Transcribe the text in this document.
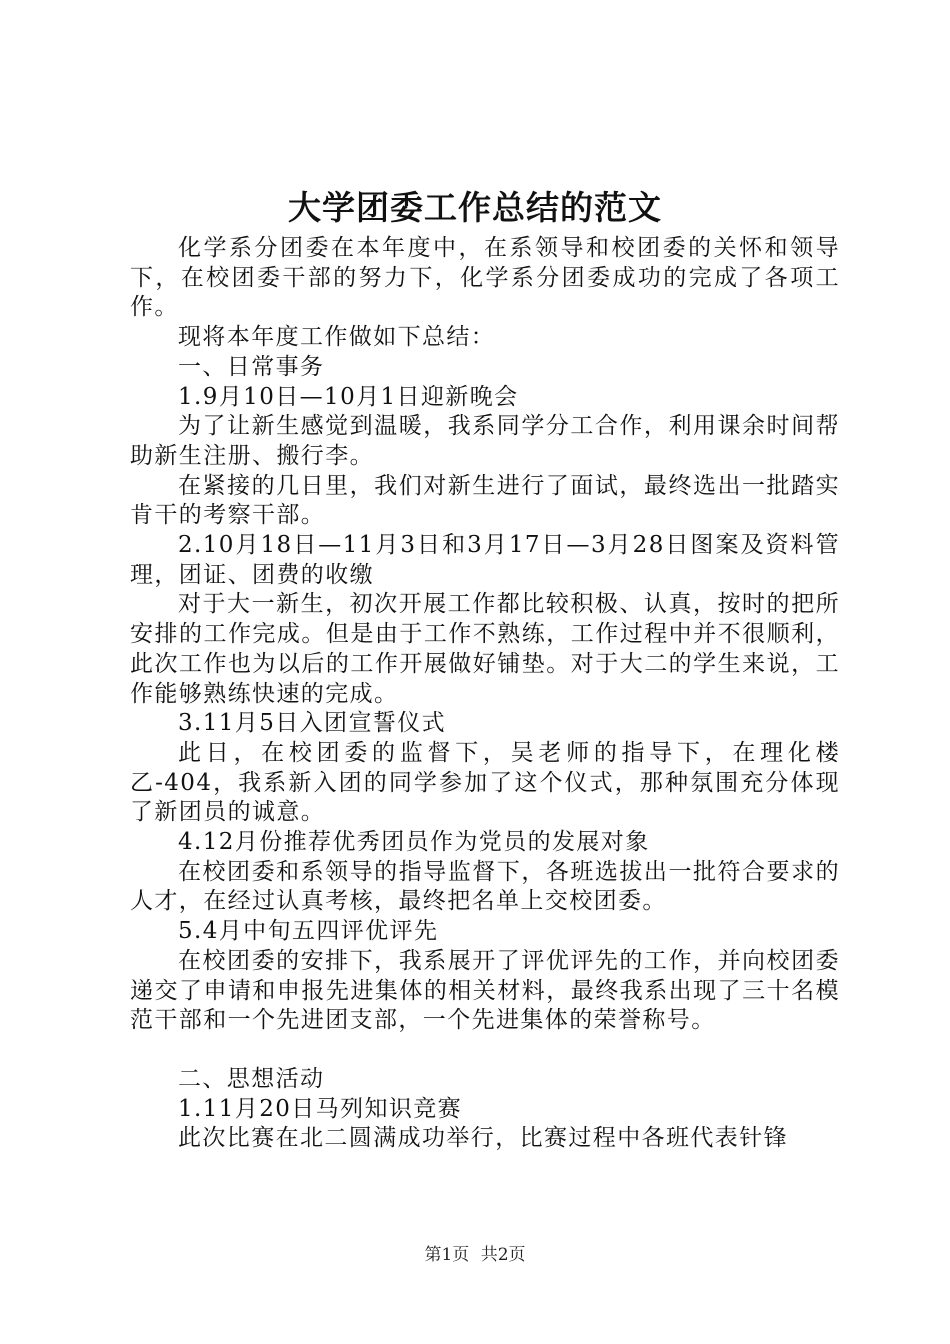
大学团委工作总结的范文

化学系分团委在本年度中，在系领导和校团委的关怀和领导下，在校团委干部的努力下，化学系分团委成功的完成了各项工作。

现将本年度工作做如下总结：

一、日常事务

1.9月10日—10月1日迎新晚会

为了让新生感觉到温暖，我系同学分工合作，利用课余时间帮助新生注册、搬行李。

在紧接的几日里，我们对新生进行了面试，最终选出一批踏实肯干的考察干部。

2.10月18日—11月3日和3月17日—3月28日图案及资料管理，团证、团费的收缴

对于大一新生，初次开展工作都比较积极、认真，按时的把所安排的工作完成。但是由于工作不熟练，工作过程中并不很顺利，此次工作也为以后的工作开展做好铺垫。对于大二的学生来说，工作能够熟练快速的完成。

3.11月5日入团宣誓仪式

此日，在校团委的监督下，吴老师的指导下，在理化楼乙-404，我系新入团的同学参加了这个仪式，那种氛围充分体现了新团员的诚意。

4.12月份推荐优秀团员作为党员的发展对象

在校团委和系领导的指导监督下，各班选拔出一批符合要求的人才，在经过认真考核，最终把名单上交校团委。

5.4月中旬五四评优评先

在校团委的安排下，我系展开了评优评先的工作，并向校团委递交了申请和申报先进集体的相关材料，最终我系出现了三十名模范干部和一个先进团支部，一个先进集体的荣誉称号。

二、思想活动

1.11月20日马列知识竞赛

此次比赛在北二圆满成功举行，比赛过程中各班代表针锋

第1页 共2页
